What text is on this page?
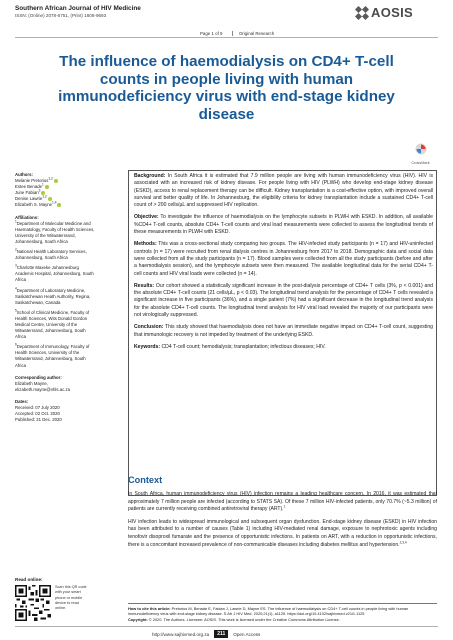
Southern African Journal of HIV Medicine
ISSN: (Online) 2078-6751, (Print) 1608-9693	AOSIS
Page 1 of 9	Original Research
The influence of haemodialysis on CD4+ T-cell counts in people living with human immunodeficiency virus with end-stage kidney disease
CrossMark
Authors:
Melanie Pretorius$^{1,2}$
Estee Benade$^1$
June Fabian$^3$
Denise Lawrie$^{1,2}$
Elizabeth S. Mayne$^{1,4}$
Affiliations:
$^1$Department of Molecular Medicine and Haematology, Faculty of Health Sciences, University of the Witwatersrand, Johannesburg, South Africa
$^2$National Health Laboratory Services, Johannesburg, South Africa
$^3$Charlotte Maxeke Johannesburg Academic Hospital, Johannesburg, South Africa
$^4$Department of Laboratory Medicine, Saskatchewan Heath Authority, Regina, Saskatchewan, Canada
$^5$School of Clinical Medicine, Faculty of Health Sciences, Wits Donald Gordon Medical Centre, University of the Witwatersrand, Johannesburg, South Africa
$^6$Department of Immunology, Faculty of Health Sciences, University of the Witwatersrand, Johannesburg, South Africa
Corresponding author:
Elizabeth Mayne,
elizabeth.mayne@nhls.ac.za
Dates:
Received: 07 July 2020
Accepted: 02 Oct. 2020
Published: 21 Dec. 2020

Background: In South Africa it is estimated that 7.9 million people are living with human immunodeficiency virus (HIV). HIV is associated with an increased risk of kidney disease. For people living with HIV (PLWH) who develop end-stage kidney disease (ESKD), access to renal replacement therapy can be difficult. Kidney transplantation is a cost-effective option, with improved overall survival and better quality of life. In Johannesburg, the eligibility criteria for kidney transplantation include a sustained CD4+ T-cell count of > 200 cells/µL and suppressed HIV replication.

Objective: To investigate the influence of haemodialysis on the lymphocyte subsets in PLWH with ESKD. In addition, all available %CD4+ T-cell counts, absolute CD4+ T-cell counts and viral load measurements were collected to assess the longitudinal trends of these measurements in PLWH with ESKD.

Methods: This was a cross-sectional study comparing two groups. The HIV-infected study participants (n = 17) and HIV-uninfected controls (n = 17) were recruited from renal dialysis centres in Johannesburg from 2017 to 2018. Demographic data and social data were collected from all the study participants (n = 17). Blood samples were collected from all the study participants (before and after a haemodialysis session), and the lymphocyte subsets were then measured. The available longitudinal data for the serial CD4+ T-cell counts and HIV viral loads were collected (n = 14).

Results: Our cohort showed a statistically significant increase in the post-dialysis percentage of CD4+ T cells (3%, p < 0.001) and the absolute CD4+ T-cell counts (21 cells/µL, p < 0.03). The longitudinal trend analysis for the percentage of CD4+ T cells revealed a significant increase in five participants (36%), and a single patient (7%) had a significant decrease in the longitudinal trend analysis for the absolute CD4+ T-cell counts. The longitudinal trend analysis for HIV viral load revealed the majority of our participants were not virologically suppressed.

Conclusion: This study showed that haemodialysis does not have an immediate negative impact on CD4+ T-cell count, suggesting that immunologic recovery is not impeded by treatment of the underlying ESKD.

Keywords: CD4 T-cell count; hemodialysis; transplantation; infectious diseases; HIV.

Context

In South Africa, human immunodeficiency virus (HIV) infection remains a leading healthcare concern. In 2016, it was estimated that approximately 7 million people are infected (according to STATS SA). Of these 7 million HIV-infected patients, only 70.7% (~5.3 million) of patients are currently receiving combined antiretroviral therapy (ART).$^1$

HIV infection leads to widespread immunological and subsequent organ dysfunction. End-stage kidney disease (ESKD) in HIV infection has been attributed to a number of causes (Table 1) including HIV-mediated renal damage, exposure to nephrotoxic agents including tenofovir disoproxil fumarate and the presence of opportunistic infections. In patients on ART, with a reduction in opportunistic infections, there is a concomitant increased prevalence of non-communicable diseases including diabetes mellitus and hypertension.$^{2,3,4}$

Read online:
Scan this QR code with your smart phone or mobile device to read online.	How to cite this article: Pretorius M, Benade E, Fabian J, Lawrie D, Mayne ES. The influence of haemodialysis on CD4+ T-cell counts in people living with human immunodeficiency virus with end-stage kidney disease. S Afr J HIV Med. 2020;21(1), a1125. https://doi.org/10.4102/sajhivmed.v21i1.1125
Copyright: © 2020. The Authors. Licensee: AOSIS. This work is licensed under the Creative Commons Attribution License.
http://www.sajhivmed.org.za	211	Open Access
